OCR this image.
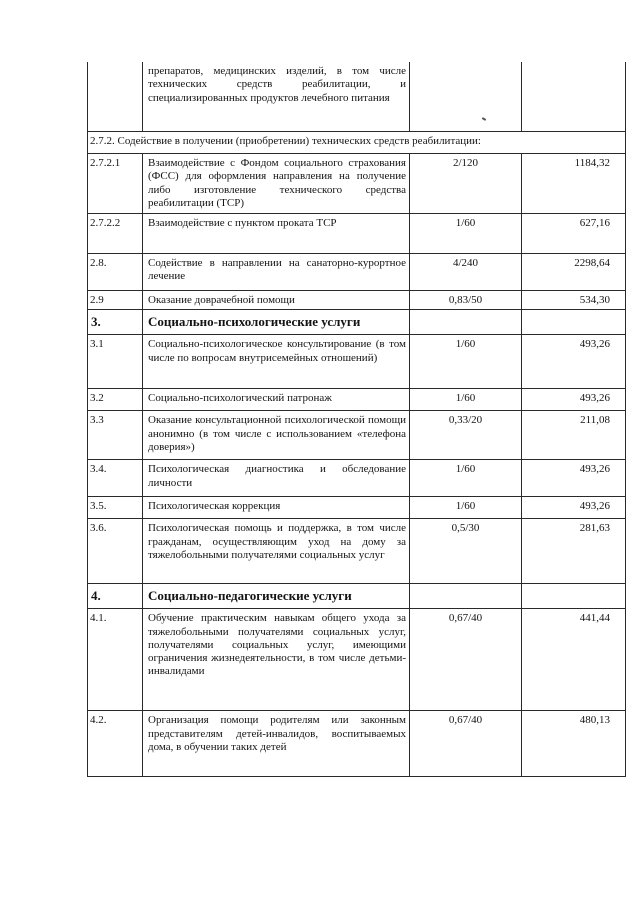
	препаратов, медицинских изделий, в том числе технических средств реабилитации, и специализированных продуктов лечебного питания		
2.7.2. Содействие в получении (приобретении) технических средств реабилитации:			
2.7.2.1	Взаимодействие с Фондом социального страхования (ФСС) для оформления направления на получение либо изготовление технического средства реабилитации (ТСР)	2/120	1184,32
2.7.2.2	Взаимодействие с пунктом проката ТСР	1/60	627,16
2.8.	Содействие в направлении на санаторно-курортное лечение	4/240	2298,64
2.9	Оказание доврачебной помощи	0,83/50	534,30
3.	Социально-психологические услуги		
3.1	Социально-психологическое консультирование (в том числе по вопросам внутрисемейных отношений)	1/60	493,26
3.2	Социально-психологический патронаж	1/60	493,26
3.3	Оказание консультационной психологической помощи анонимно (в том числе с использованием «телефона доверия»)	0,33/20	211,08
3.4.	Психологическая диагностика и обследование личности	1/60	493,26
3.5.	Психологическая коррекция	1/60	493,26
3.6.	Психологическая помощь и поддержка, в том числе гражданам, осуществляющим уход на дому за тяжелобольными получателями социальных услуг	0,5/30	281,63
4.	Социально-педагогические услуги		
4.1.	Обучение практическим навыкам общего ухода за тяжелобольными получателями социальных услуг, получателями социальных услуг, имеющими ограничения жизнедеятельности, в том числе детьми-инвалидами	0,67/40	441,44
4.2.	Организация помощи родителям или законным представителям детей-инвалидов, воспитываемых дома, в обучении таких детей	0,67/40	480,13
